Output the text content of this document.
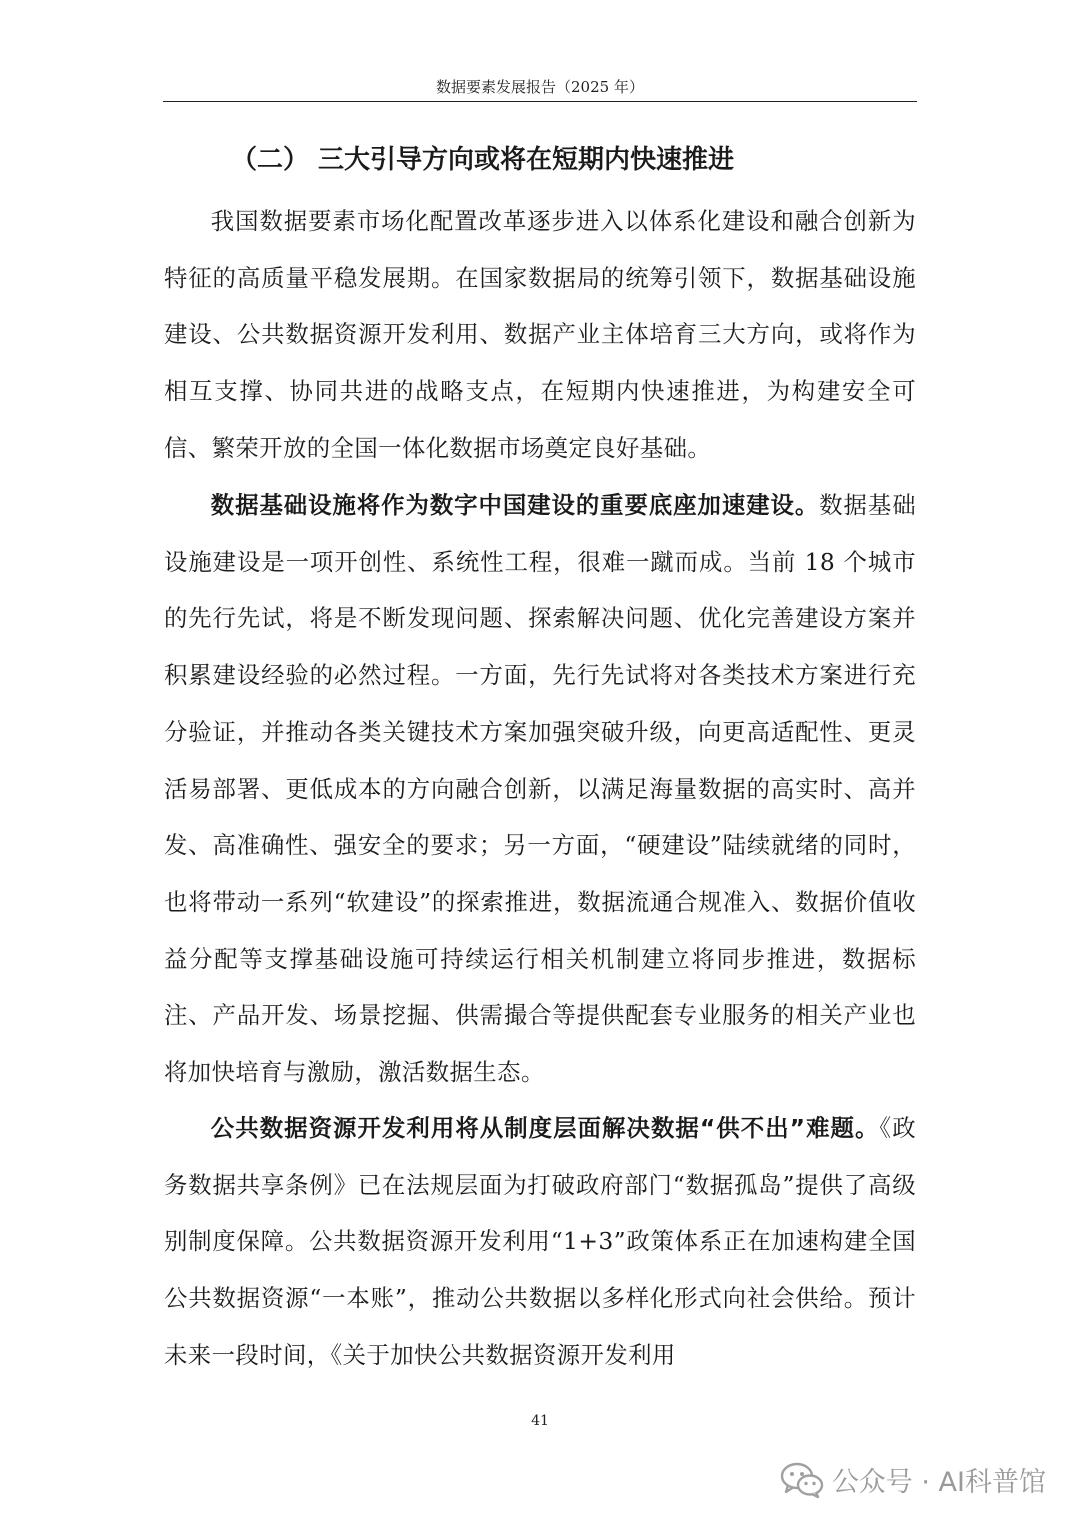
数据要素发展报告（2025 年）
（二） 三大引导方向或将在短期内快速推进

我国数据要素市场化配置改革逐步进入以体系化建设和融合创新为特征的高质量平稳发展期。在国家数据局的统筹引领下，数据基础设施建设、公共数据资源开发利用、数据产业主体培育三大方向，或将作为相互支撑、协同共进的战略支点，在短期内快速推进，为构建安全可信、繁荣开放的全国一体化数据市场奠定良好基础。

数据基础设施将作为数字中国建设的重要底座加速建设。数据基础设施建设是一项开创性、系统性工程，很难一蹴而成。当前 18 个城市的先行先试，将是不断发现问题、探索解决问题、优化完善建设方案并积累建设经验的必然过程。一方面，先行先试将对各类技术方案进行充分验证，并推动各类关键技术方案加强突破升级，向更高适配性、更灵活易部署、更低成本的方向融合创新，以满足海量数据的高实时、高并发、高准确性、强安全的要求；另一方面，“硬建设”陆续就绪的同时，也将带动一系列“软建设”的探索推进，数据流通合规准入、数据价值收益分配等支撑基础设施可持续运行相关机制建立将同步推进，数据标注、产品开发、场景挖掘、供需撮合等提供配套专业服务的相关产业也将加快培育与激励，激活数据生态。

公共数据资源开发利用将从制度层面解决数据“供不出”难题。《政务数据共享条例》已在法规层面为打破政府部门“数据孤岛”提供了高级别制度保障。公共数据资源开发利用“1+3”政策体系正在加速构建全国公共数据资源“一本账”，推动公共数据以多样化形式向社会供给。预计未来一段时间，《关于加快公共数据资源开发利用

41
公众号 · AI科普馆
